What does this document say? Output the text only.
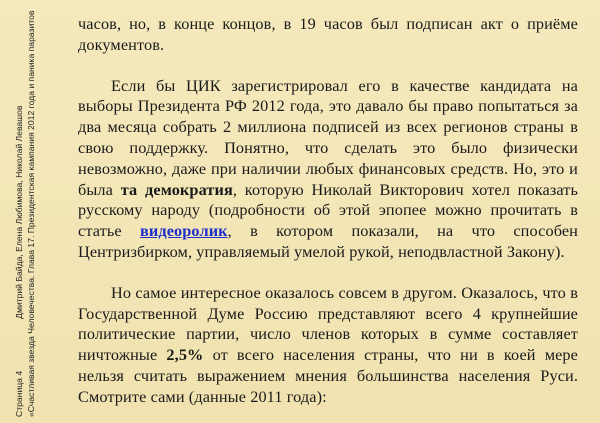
Страница 4Дмитрий Байда, Елена Любимова, Николай Левашов «Счастливая звезда Человечества. Глава 17. Президентская кампания 2012 года и паника паразитов	часов, но, в конце концов, в 19 часов был подписан акт о приёме документов.

Если бы ЦИК зарегистрировал его в качестве кандидата на выборы Президента РФ 2012 года, это давало бы право попытаться за два месяца собрать 2 миллиона подписей из всех регионов страны в свою поддержку. Понятно, что сделать это было физически невозможно, даже при наличии любых финансовых средств. Но, это и была та демократия, которую Николай Викторович хотел показать русскому народу (подробности об этой эпопее можно прочитать в статье видеоролик, в котором показали, на что способен Центризбирком, управляемый умелой рукой, неподвластной Закону).

Но самое интересное оказалось совсем в другом. Оказалось, что в Государственной Думе Россию представляют всего 4 крупнейшие политические партии, число членов которых в сумме составляет ничтожные 2,5% от всего населения страны, что ни в коей мере нельзя считать выражением мнения большинства населения Руси. Смотрите сами (данные 2011 года):
